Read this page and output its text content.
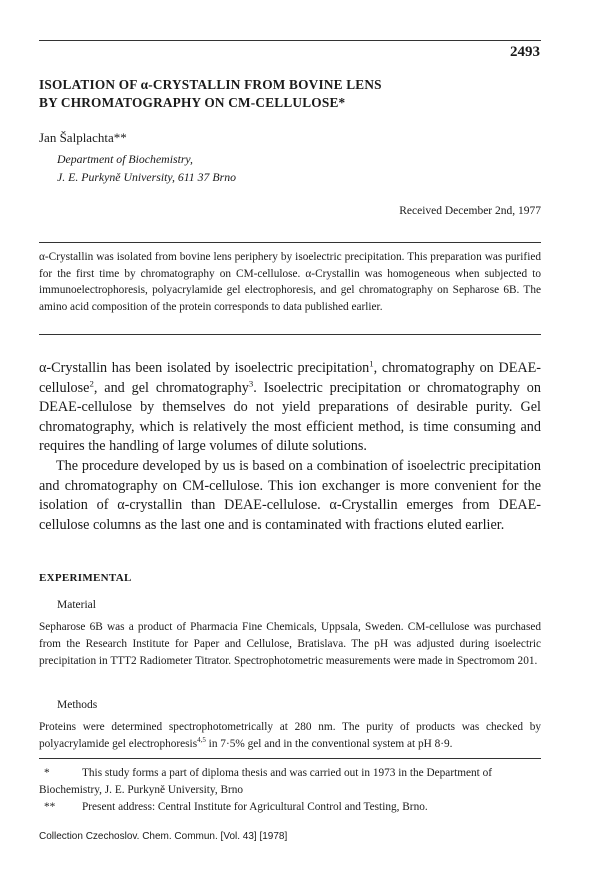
2493
ISOLATION OF α-CRYSTALLIN FROM BOVINE LENS
BY CHROMATOGRAPHY ON CM-CELLULOSE*
Jan Šalplachta**
Department of Biochemistry,
J. E. Purkyně University, 611 37 Brno
Received December 2nd, 1977
α-Crystallin was isolated from bovine lens periphery by isoelectric precipitation. This preparation was purified for the first time by chromatography on CM-cellulose. α-Crystallin was homogeneous when subjected to immunoelectrophoresis, polyacrylamide gel electrophoresis, and gel chromatography on Sepharose 6B. The amino acid composition of the protein corresponds to data published earlier.

α-Crystallin has been isolated by isoelectric precipitation$^1$, chromatography on DEAE-cellulose$^2$, and gel chromatography$^3$. Isoelectric precipitation or chromatography on DEAE-cellulose by themselves do not yield preparations of desirable purity. Gel chromatography, which is relatively the most efficient method, is time consuming and requires the handling of large volumes of dilute solutions.

The procedure developed by us is based on a combination of isoelectric precipitation and chromatography on CM-cellulose. This ion exchanger is more convenient for the isolation of α-crystallin than DEAE-cellulose. α-Crystallin emerges from DEAE-cellulose columns as the last one and is contaminated with fractions eluted earlier.

EXPERIMENTAL
Material

Sepharose 6B was a product of Pharmacia Fine Chemicals, Uppsala, Sweden. CM-cellulose was purchased from the Research Institute for Paper and Cellulose, Bratislava. The pH was adjusted during isoelectric precipitation in TTT2 Radiometer Titrator. Spectrophotometric measurements were made in Spectromom 201.

Methods

Proteins were determined spectrophotometrically at 280 nm. The purity of products was checked by polyacrylamide gel electrophoresis$^{4,5}$ in 7·5% gel and in the conventional system at pH 8·9.

*	This study forms a part of diploma thesis and was carried out in 1973 in the Department of Biochemistry, J. E. Purkyně University, Brno
** Present address: Central Institute for Agricultural Control and Testing, Brno.
Collection Czechoslov. Chem. Commun. [Vol. 43] [1978]
